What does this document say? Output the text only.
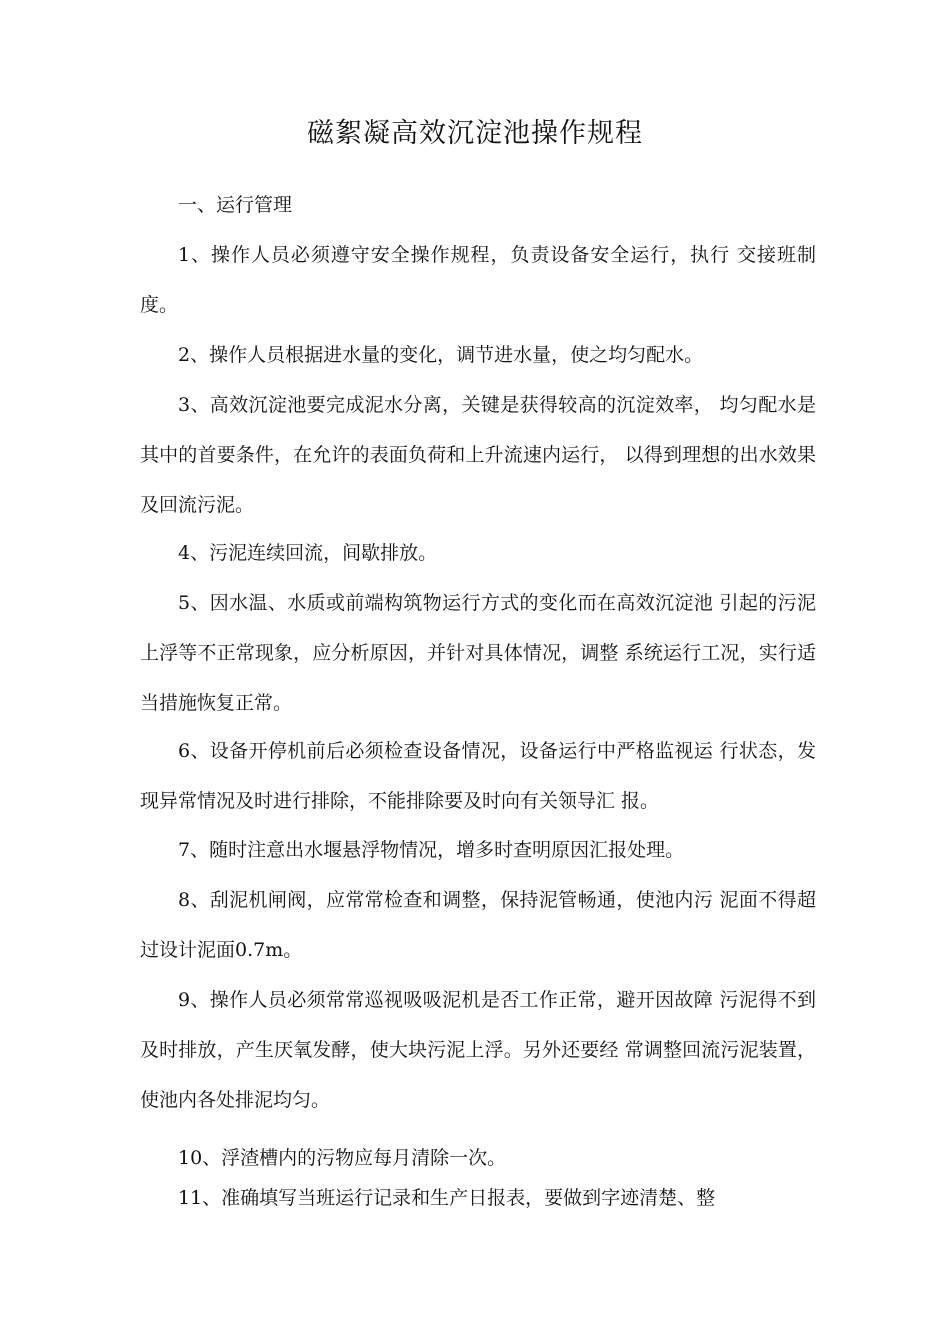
磁絮凝高效沉淀池操作规程
一、运行管理
1、操作人员必须遵守安全操作规程，负责设备安全运行，执行 交接班制度。
2、操作人员根据进水量的变化，调节进水量，使之均匀配水。
3、高效沉淀池要完成泥水分离，关键是获得较高的沉淀效率， 均匀配水是其中的首要条件，在允许的表面负荷和上升流速内运行， 以得到理想的出水效果及回流污泥。
4、污泥连续回流，间歇排放。
5、因水温、水质或前端构筑物运行方式的变化而在高效沉淀池 引起的污泥上浮等不正常现象，应分析原因，并针对具体情况，调整 系统运行工况，实行适当措施恢复正常。
6、设备开停机前后必须检查设备情况，设备运行中严格监视运 行状态，发现异常情况及时进行排除，不能排除要及时向有关领导汇 报。
7、随时注意出水堰悬浮物情况，增多时查明原因汇报处理。
8、刮泥机闸阀，应常常检查和调整，保持泥管畅通，使池内污 泥面不得超过设计泥面0.7m。
9、操作人员必须常常巡视吸吸泥机是否工作正常，避开因故障 污泥得不到及时排放，产生厌氧发酵，使大块污泥上浮。另外还要经 常调整回流污泥装置，使池内各处排泥均匀。
10、浮渣槽内的污物应每月清除一次。
11、准确填写当班运行记录和生产日报表，要做到字迹清楚、整
